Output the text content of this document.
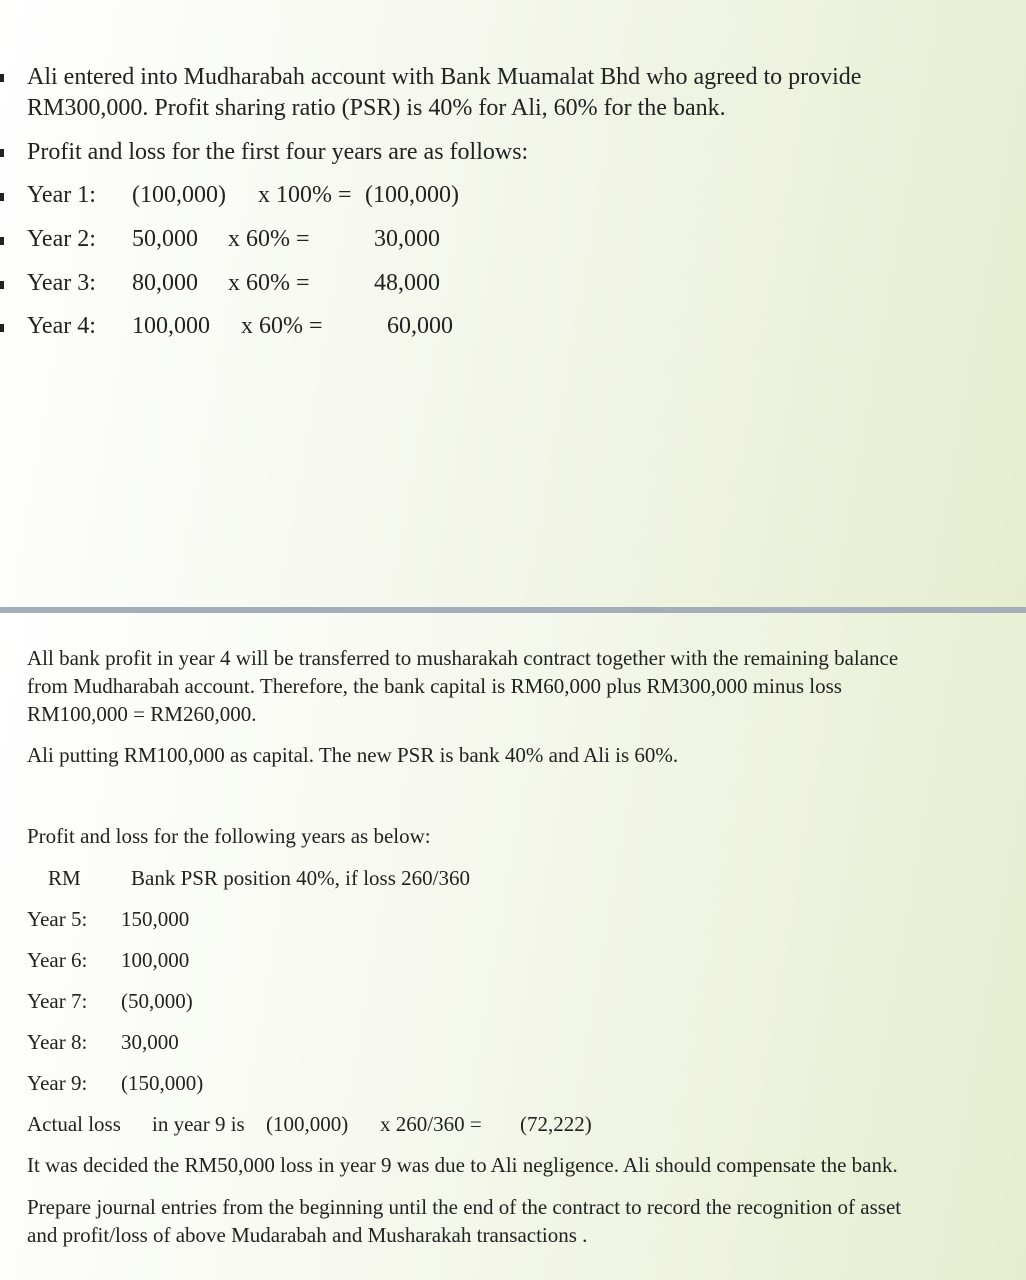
Ali entered into Mudharabah account with Bank Muamalat Bhd who agreed to provide
RM300,000. Profit sharing ratio (PSR) is 40% for Ali, 60% for the bank.
Profit and loss for the first four years are as follows:
Year 1: (100,000) x 100% = (100,000)
Year 2: 50,000 x 60% =	30,000
Year 3: 80,000 x 60% =	48,000
Year 4: 100,000 x 60% =	60,000
All bank profit in year 4 will be transferred to musharakah contract together with the remaining balance
from Mudharabah account. Therefore, the bank capital is RM60,000 plus RM300,000 minus loss
RM100,000 = RM260,000.
Ali putting RM100,000 as capital. The new PSR is bank 40% and Ali is 60%.
Profit and loss for the following years as below:
RM Bank PSR position 40%, if loss 260/360
Year 5: 150,000
Year 6: 100,000
Year 7: (50,000)
Year 8: 30,000
Year 9: (150,000)
Actual loss in year 9 is (100,000) x 260/360 = (72,222)
It was decided the RM50,000 loss in year 9 was due to Ali negligence. Ali should compensate the bank.
Prepare journal entries from the beginning until the end of the contract to record the recognition of asset
and profit/loss of above Mudarabah and Musharakah transactions .
